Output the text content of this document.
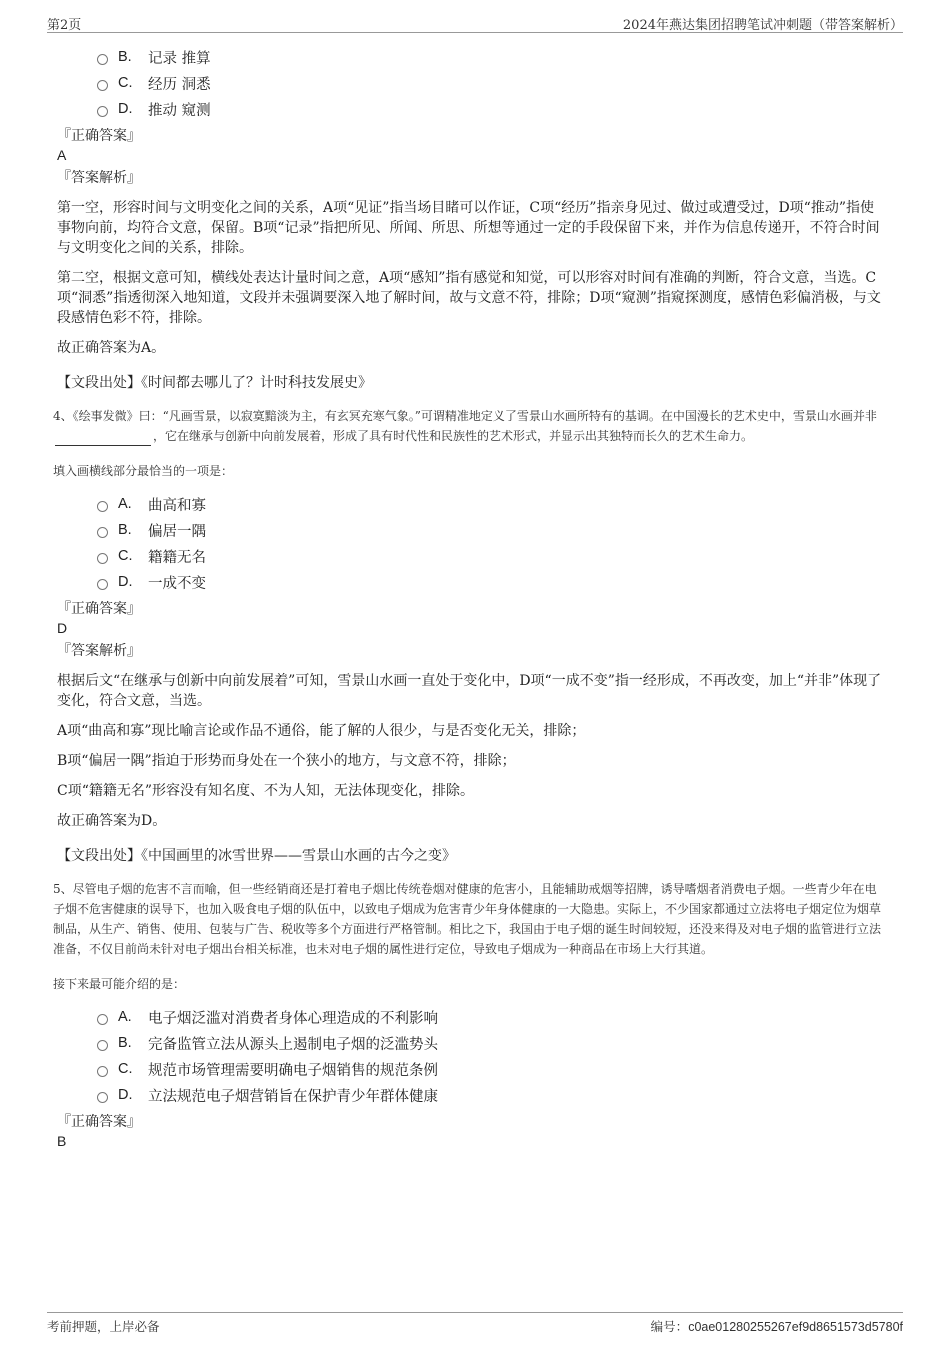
第2页	2024年燕达集团招聘笔试冲刺题（带答案解析）
B.	记录 推算
C.	经历 洞悉
D.	推动 窥测
『正确答案』
A
『答案解析』

第一空，形容时间与文明变化之间的关系，A项“见证”指当场目睹可以作证，C项“经历”指亲身见过、做过或遭受过，D项“推动”指使事物向前，均符合文意，保留。B项“记录”指把所见、所闻、所思、所想等通过一定的手段保留下来，并作为信息传递开，不符合时间与文明变化之间的关系，排除。

第二空，根据文意可知，横线处表达计量时间之意，A项“感知”指有感觉和知觉，可以形容对时间有准确的判断，符合文意，当选。C项“洞悉”指透彻深入地知道，文段并未强调要深入地了解时间，故与文意不符，排除；D项“窥测”指窥探测度，感情色彩偏消极，与文段感情色彩不符，排除。

故正确答案为A。

【文段出处】《时间都去哪儿了？计时科技发展史》
4、《绘事发微》曰：“凡画雪景，以寂寞黯淡为主，有玄冥充寒气象。”可谓精准地定义了雪景山水画所特有的基调。在中国漫长的艺术史中，雪景山水画并非，它在继承与创新中向前发展着，形成了具有时代性和民族性的艺术形式，并显示出其独特而长久的艺术生命力。
填入画横线部分最恰当的一项是：
A.	曲高和寡
B.	偏居一隅
C.	籍籍无名
D.	一成不变
『正确答案』
D
『答案解析』

根据后文“在继承与创新中向前发展着”可知，雪景山水画一直处于变化中，D项“一成不变”指一经形成，不再改变，加上“并非”体现了变化，符合文意，当选。

A项“曲高和寡”现比喻言论或作品不通俗，能了解的人很少，与是否变化无关，排除；

B项“偏居一隅”指迫于形势而身处在一个狭小的地方，与文意不符，排除；

C项“籍籍无名”形容没有知名度、不为人知，无法体现变化，排除。

故正确答案为D。

【文段出处】《中国画里的冰雪世界——雪景山水画的古今之变》
5、尽管电子烟的危害不言而喻，但一些经销商还是打着电子烟比传统卷烟对健康的危害小，且能辅助戒烟等招牌，诱导嗜烟者消费电子烟。一些青少年在电子烟不危害健康的误导下，也加入吸食电子烟的队伍中，以致电子烟成为危害青少年身体健康的一大隐患。实际上，不少国家都通过立法将电子烟定位为烟草制品，从生产、销售、使用、包装与广告、税收等多个方面进行严格管制。相比之下，我国由于电子烟的诞生时间较短，还没来得及对电子烟的监管进行立法准备，不仅目前尚未针对电子烟出台相关标准，也未对电子烟的属性进行定位，导致电子烟成为一种商品在市场上大行其道。
接下来最可能介绍的是：
A.	电子烟泛滥对消费者身体心理造成的不利影响
B.	完备监管立法从源头上遏制电子烟的泛滥势头
C.	规范市场管理需要明确电子烟销售的规范条例
D.	立法规范电子烟营销旨在保护青少年群体健康
『正确答案』
B
考前押题，上岸必备	编号：c0ae01280255267ef9d8651573d5780f
